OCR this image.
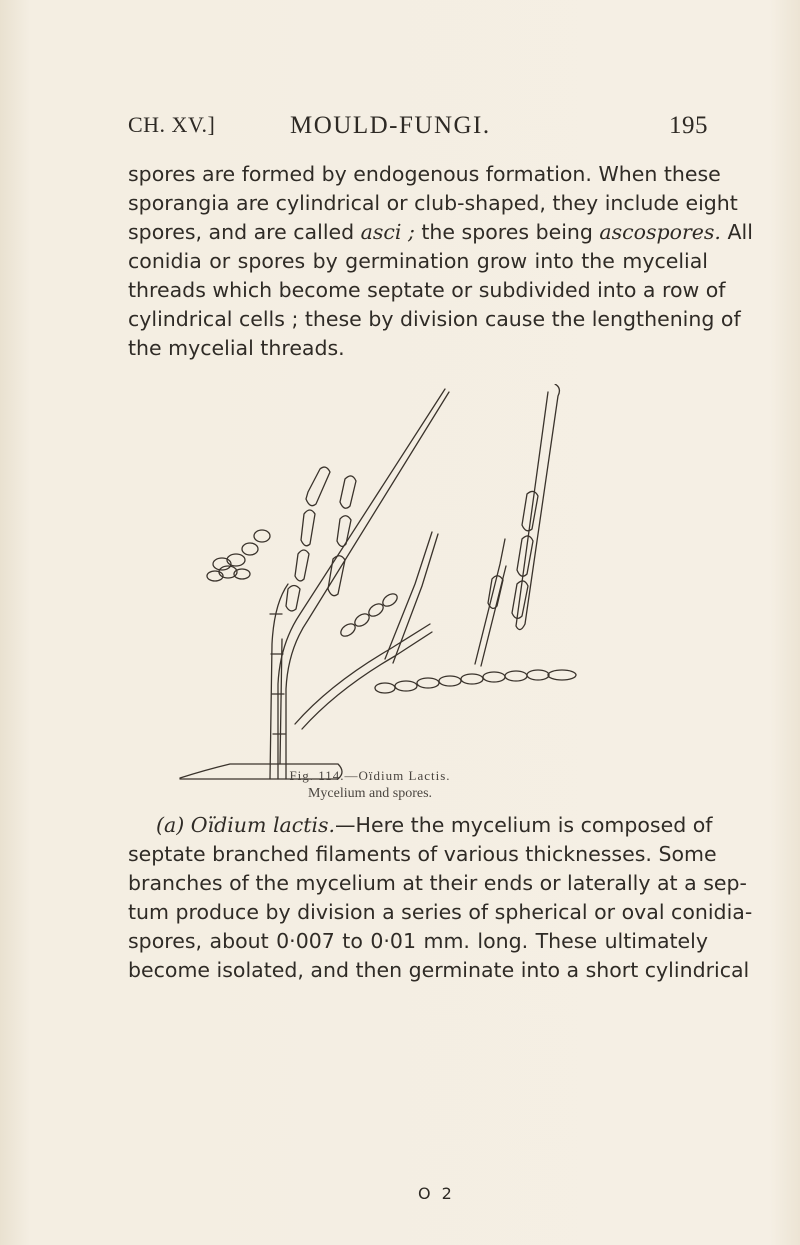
CH. XV.]	MOULD-FUNGI.	195
spores are formed by endogenous formation. When these
sporangia are cylindrical or club-shaped, they include eight
spores, and are called asci ; the spores being ascospores. All
conidia or spores by germination grow into the mycelial
threads which become septate or subdivided into a row of
cylindrical cells ; these by division cause the lengthening of
the mycelial threads.
Fig. 114.—Oïdium Lactis.
Mycelium and spores.
(a) Oïdium lactis.—Here the mycelium is composed of
septate branched filaments of various thicknesses. Some
branches of the mycelium at their ends or laterally at a sep-
tum produce by division a series of spherical or oval conidia-
spores, about 0·007 to 0·01 mm. long. These ultimately
become isolated, and then germinate into a short cylindrical
O 2
